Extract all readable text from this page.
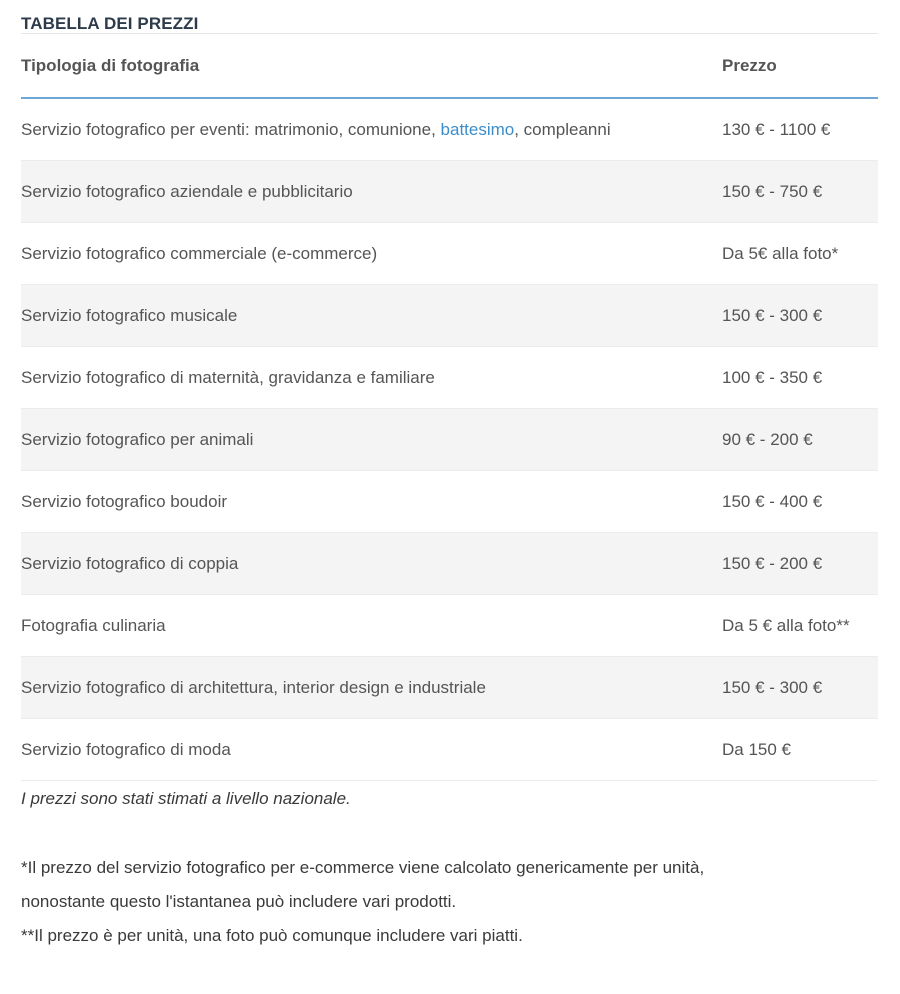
TABELLA DEI PREZZI
Tipologia di fotografia	Prezzo
Servizio fotografico per eventi: matrimonio, comunione, battesimo, compleanni	130 € - 1100 €
Servizio fotografico aziendale e pubblicitario	150 € - 750 €
Servizio fotografico commerciale (e-commerce)	Da 5€ alla foto*
Servizio fotografico musicale	150 € - 300 €
Servizio fotografico di maternità, gravidanza e familiare	100 € - 350 €
Servizio fotografico per animali	90 € - 200 €
Servizio fotografico boudoir	150 € - 400 €
Servizio fotografico di coppia	150 € - 200 €
Fotografia culinaria	Da 5 € alla foto**
Servizio fotografico di architettura, interior design e industriale	150 € - 300 €
Servizio fotografico di moda	Da 150 €

I prezzi sono stati stimati a livello nazionale.

*Il prezzo del servizio fotografico per e-commerce viene calcolato genericamente per unità,

nonostante questo l'istantanea può includere vari prodotti.

**Il prezzo è per unità, una foto può comunque includere vari piatti.
